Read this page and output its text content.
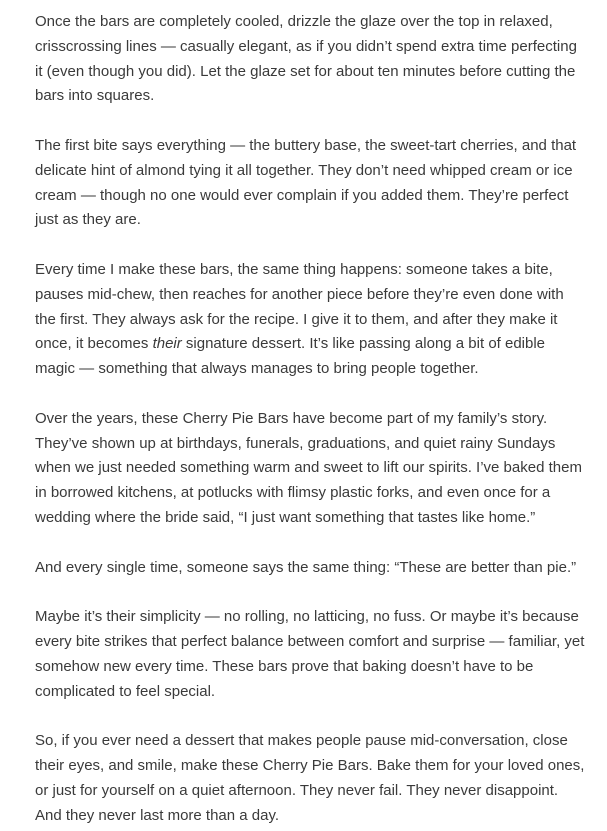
Once the bars are completely cooled, drizzle the glaze over the top in relaxed, crisscrossing lines — casually elegant, as if you didn’t spend extra time perfecting it (even though you did). Let the glaze set for about ten minutes before cutting the bars into squares.

The first bite says everything — the buttery base, the sweet-tart cherries, and that delicate hint of almond tying it all together. They don’t need whipped cream or ice cream — though no one would ever complain if you added them. They’re perfect just as they are.

Every time I make these bars, the same thing happens: someone takes a bite, pauses mid-chew, then reaches for another piece before they’re even done with the first. They always ask for the recipe. I give it to them, and after they make it once, it becomes their signature dessert. It’s like passing along a bit of edible magic — something that always manages to bring people together.

Over the years, these Cherry Pie Bars have become part of my family’s story. They’ve shown up at birthdays, funerals, graduations, and quiet rainy Sundays when we just needed something warm and sweet to lift our spirits. I’ve baked them in borrowed kitchens, at potlucks with flimsy plastic forks, and even once for a wedding where the bride said, “I just want something that tastes like home.”

And every single time, someone says the same thing: “These are better than pie.”

Maybe it’s their simplicity — no rolling, no latticing, no fuss. Or maybe it’s because every bite strikes that perfect balance between comfort and surprise — familiar, yet somehow new every time. These bars prove that baking doesn’t have to be complicated to feel special.

So, if you ever need a dessert that makes people pause mid-conversation, close their eyes, and smile, make these Cherry Pie Bars. Bake them for your loved ones, or just for yourself on a quiet afternoon. They never fail. They never disappoint. And they never last more than a day.
